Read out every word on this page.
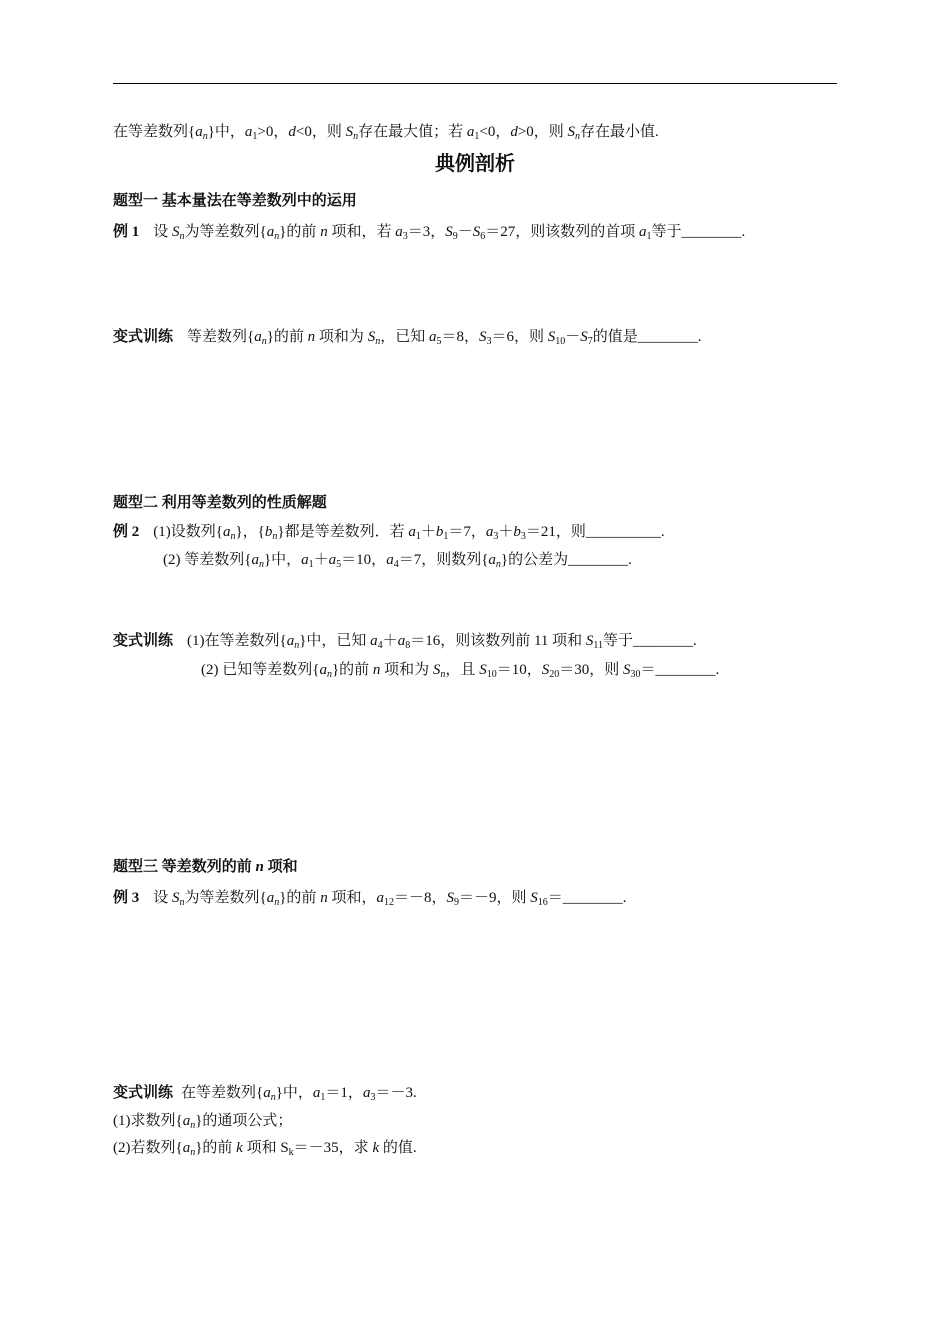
在等差数列$\{a_n\}$中，$a_1>0$，d<0，则 $S_n$存在最大值；若 $a_1<0$，d>0，则 $S_n$存在最小值.
典例剖析
题型一 基本量法在等差数列中的运用
例 1 设 $S_n$为等差数列$\{a_n\}$的前 n 项和，若 $a_3=3$，$S_9-S_6=27$，则该数列的首项 $a_1$等于________.
变式训练 等差数列$\{a_n\}$的前 n 项和为 $S_n$，已知 $a_5=8$，$S_3=6$，则 $S_{10}-S_7$的值是________.
题型二 利用等差数列的性质解题
例 2 (1)设数列$\{a_n\}$，$\{b_n\}$都是等差数列．若 $a_1+b_1=7$，$a_3+b_3=21$，则__________.
(2) 等差数列$\{a_n\}$中，$a_1+a_5=10$，$a_4=7$，则数列$\{a_n\}$的公差为________.
变式训练 (1)在等差数列$\{a_n\}$中，已知 $a_4+a_8=16$，则该数列前 11 项和 $S_{11}$等于________.
(2) 已知等差数列$\{a_n\}$的前 n 项和为 $S_n$，且 $S_{10}=10$，$S_{20}=30$，则 $S_{30}=\_\_\_\_\_\_\_\_$.
题型三 等差数列的前 n 项和
例 3 设 $S_n$为等差数列$\{a_n\}$的前 n 项和，$a_{12}=-8$，$S_9=-9$，则 $S_{16}=\_\_\_\_\_\_\_\_$.
变式训练 在等差数列$\{a_n\}$中，$a_1=1$，$a_3=-3$.
(1)求数列$\{a_n\}$的通项公式；
(2)若数列$\{a_n\}$的前 k 项和 $S_k=-35$，求 k 的值.
